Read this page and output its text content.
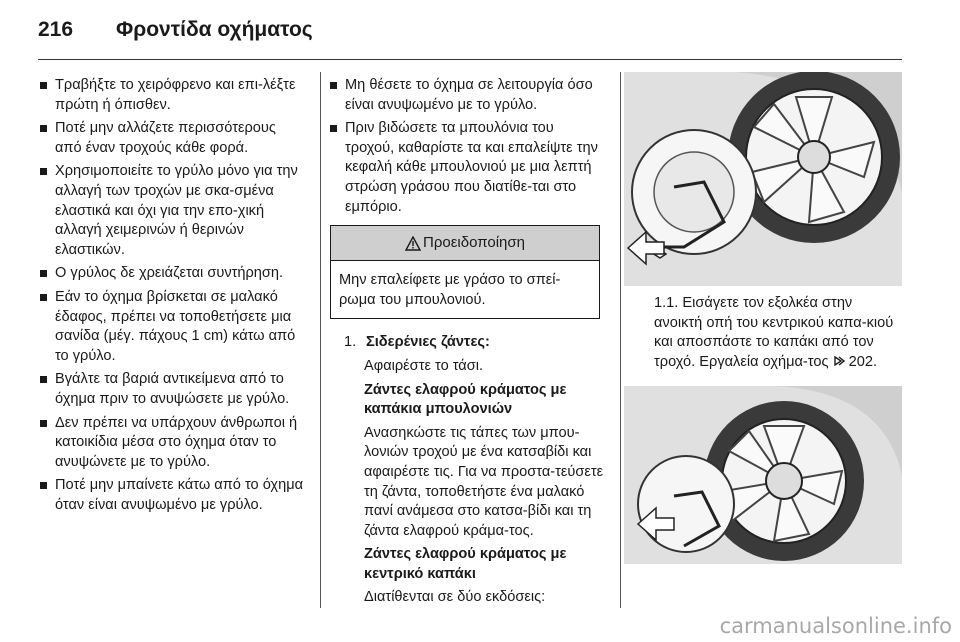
216 Φροντίδα οχήματος
Τραβήξτε το χειρόφρενο και επι-λέξτε πρώτη ή όπισθεν.
Ποτέ μην αλλάζετε περισσότερους από έναν τροχούς κάθε φορά.
Χρησιμοποιείτε το γρύλο μόνο για την αλλαγή των τροχών με σκα-σμένα ελαστικά και όχι για την επο-χική αλλαγή χειμερινών ή θερινών ελαστικών.
Ο γρύλος δε χρειάζεται συντήρηση.
Εάν το όχημα βρίσκεται σε μαλακό έδαφος, πρέπει να τοποθετήσετε μια σανίδα (μέγ. πάχους 1 cm) κάτω από το γρύλο.
Βγάλτε τα βαριά αντικείμενα από το όχημα πριν το ανυψώσετε με γρύλο.
Δεν πρέπει να υπάρχουν άνθρωποι ή κατοικίδια μέσα στο όχημα όταν το ανυψώνετε με το γρύλο.
Ποτέ μην μπαίνετε κάτω από το όχημα όταν είναι ανυψωμένο με γρύλο.
Μη θέσετε το όχημα σε λειτουργία όσο είναι ανυψωμένο με το γρύλο.
Πριν βιδώσετε τα μπουλόνια του τροχού, καθαρίστε τα και επαλείψτε την κεφαλή κάθε μπουλονιού με μια λεπτή στρώση γράσου που διατίθε-ται στο εμπόριο.
Προειδοποίηση
Μην επαλείφετε με γράσο το σπεί-ρωμα του μπουλονιού.
1. Σιδερένιες ζάντες:

Αφαιρέστε το τάσι.

Ζάντες ελαφρού κράματος με καπάκια μπουλονιών

Ανασηκώστε τις τάπες των μπου-λονιών τροχού με ένα κατσαβίδι και αφαιρέστε τις. Για να προστα-τεύσετε τη ζάντα, τοποθετήστε ένα μαλακό πανί ανάμεσα στο κατσα-βίδι και τη ζάντα ελαφρού κράμα-τος.

Ζάντες ελαφρού κράματος με κεντρικό καπάκι

Διατίθενται σε δύο εκδόσεις:

1.1. Εισάγετε τον εξολκέα στην ανοικτή οπή του κεντρικού καπα-κιού και αποσπάστε το καπάκι από τον τροχό. Εργαλεία οχήμα-τος 202.
carmanualsonline.info
